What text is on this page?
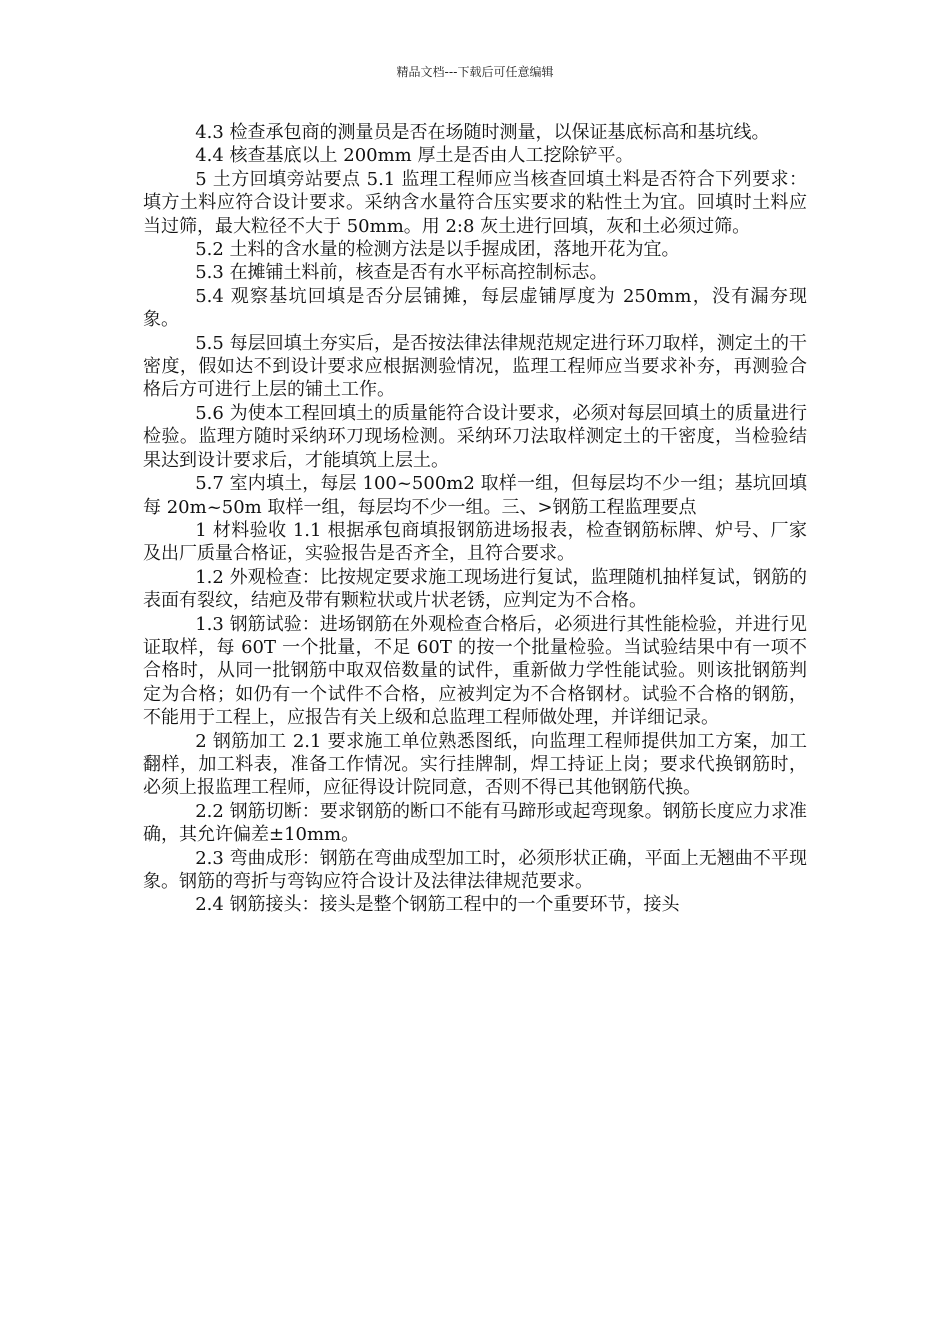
精品文档---下载后可任意编辑

4.3 检查承包商的测量员是否在场随时测量，以保证基底标高和基坑线。

4.4 核查基底以上 200mm 厚土是否由人工挖除铲平。

5 土方回填旁站要点 5.1 监理工程师应当核查回填土料是否符合下列要求：填方土料应符合设计要求。采纳含水量符合压实要求的粘性土为宜。回填时土料应当过筛，最大粒径不大于 50mm。用 2:8 灰土进行回填，灰和土必须过筛。

5.2 土料的含水量的检测方法是以手握成团，落地开花为宜。

5.3 在摊铺土料前，核查是否有水平标高控制标志。

5.4 观察基坑回填是否分层铺摊，每层虚铺厚度为 250mm，没有漏夯现象。

5.5 每层回填土夯实后，是否按法律法律规范规定进行环刀取样，测定土的干密度，假如达不到设计要求应根据测验情况，监理工程师应当要求补夯，再测验合格后方可进行上层的铺土工作。

5.6 为使本工程回填土的质量能符合设计要求，必须对每层回填土的质量进行检验。监理方随时采纳环刀现场检测。采纳环刀法取样测定土的干密度，当检验结果达到设计要求后，才能填筑上层土。

5.7 室内填土，每层 100~500m2 取样一组，但每层均不少一组；基坑回填每 20m~50m 取样一组，每层均不少一组。三、>钢筋工程监理要点

1 材料验收 1.1 根据承包商填报钢筋进场报表，检查钢筋标牌、炉号、厂家及出厂质量合格证，实验报告是否齐全，且符合要求。

1.2 外观检查：比按规定要求施工现场进行复试，监理随机抽样复试，钢筋的表面有裂纹，结疤及带有颗粒状或片状老锈，应判定为不合格。

1.3 钢筋试验：进场钢筋在外观检查合格后，必须进行其性能检验，并进行见证取样，每 60T 一个批量，不足 60T 的按一个批量检验。当试验结果中有一项不合格时，从同一批钢筋中取双倍数量的试件，重新做力学性能试验。则该批钢筋判定为合格；如仍有一个试件不合格，应被判定为不合格钢材。试验不合格的钢筋，不能用于工程上，应报告有关上级和总监理工程师做处理，并详细记录。

2 钢筋加工 2.1 要求施工单位熟悉图纸，向监理工程师提供加工方案，加工翻样，加工料表，准备工作情况。实行挂牌制，焊工持证上岗；要求代换钢筋时，必须上报监理工程师，应征得设计院同意，否则不得已其他钢筋代换。

2.2 钢筋切断：要求钢筋的断口不能有马蹄形或起弯现象。钢筋长度应力求准确，其允许偏差±10mm。

2.3 弯曲成形：钢筋在弯曲成型加工时，必须形状正确，平面上无翘曲不平现象。钢筋的弯折与弯钩应符合设计及法律法律规范要求。

2.4 钢筋接头：接头是整个钢筋工程中的一个重要环节，接头
